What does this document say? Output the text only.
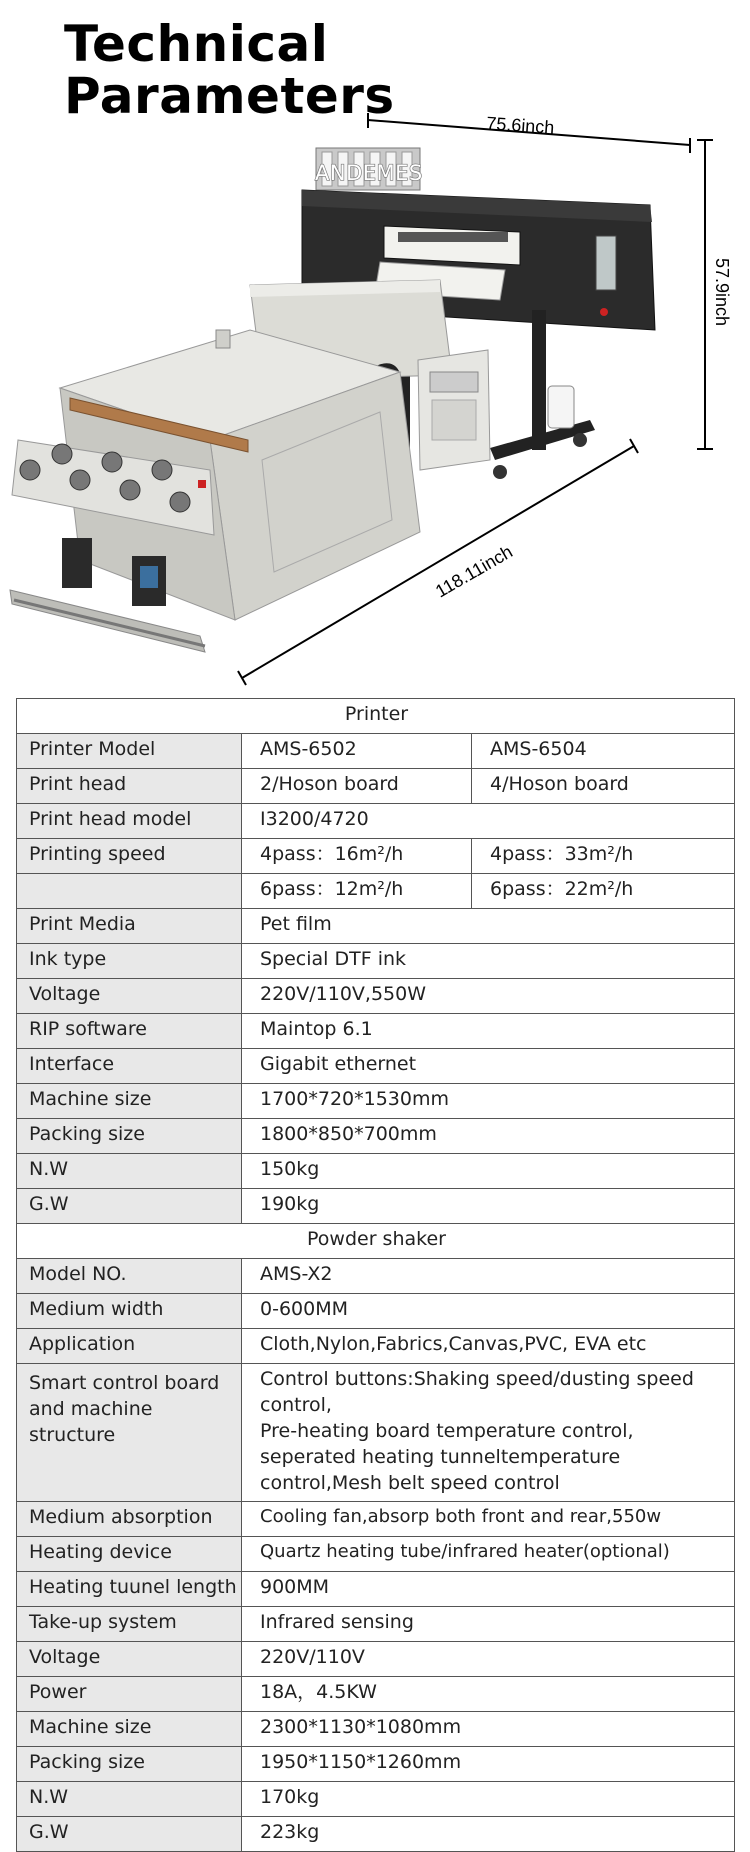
Technical
Parameters
75.6inch
57.9inch
118.11inch
ANDEMES
Printer		
Printer Model	AMS-6502	AMS-6504
Print head	2/Hoson board	4/Hoson board
Print head model	I3200/4720	
Printing speed	4pass：16m²/h	4pass：33m²/h
	6pass：12m²/h	6pass：22m²/h
Print Media	Pet film	
Ink type	Special DTF ink	
Voltage	220V/110V,550W	
RIP software	Maintop 6.1	
Interface	Gigabit ethernet	
Machine size	1700*720*1530mm	
Packing size	1800*850*700mm	
N.W	150kg	
G.W	190kg	
Powder shaker		
Model NO.	AMS-X2	
Medium width	0-600MM	
Application	Cloth,Nylon,Fabrics,Canvas,PVC, EVA etc	
Smart control board and machine structure	Control buttons:Shaking speed/dusting speed control,
Pre-heating board temperature control, seperated heating tunneltemperature control,Mesh belt speed control	
Medium absorption	Cooling fan,absorp both front and rear,550w	
Heating device	Quartz heating tube/infrared heater(optional)	
Heating tuunel length	900MM	
Take-up system	Infrared sensing	
Voltage	220V/110V	
Power	18A，4.5KW	
Machine size	2300*1130*1080mm	
Packing size	1950*1150*1260mm	
N.W	170kg	
G.W	223kg	
